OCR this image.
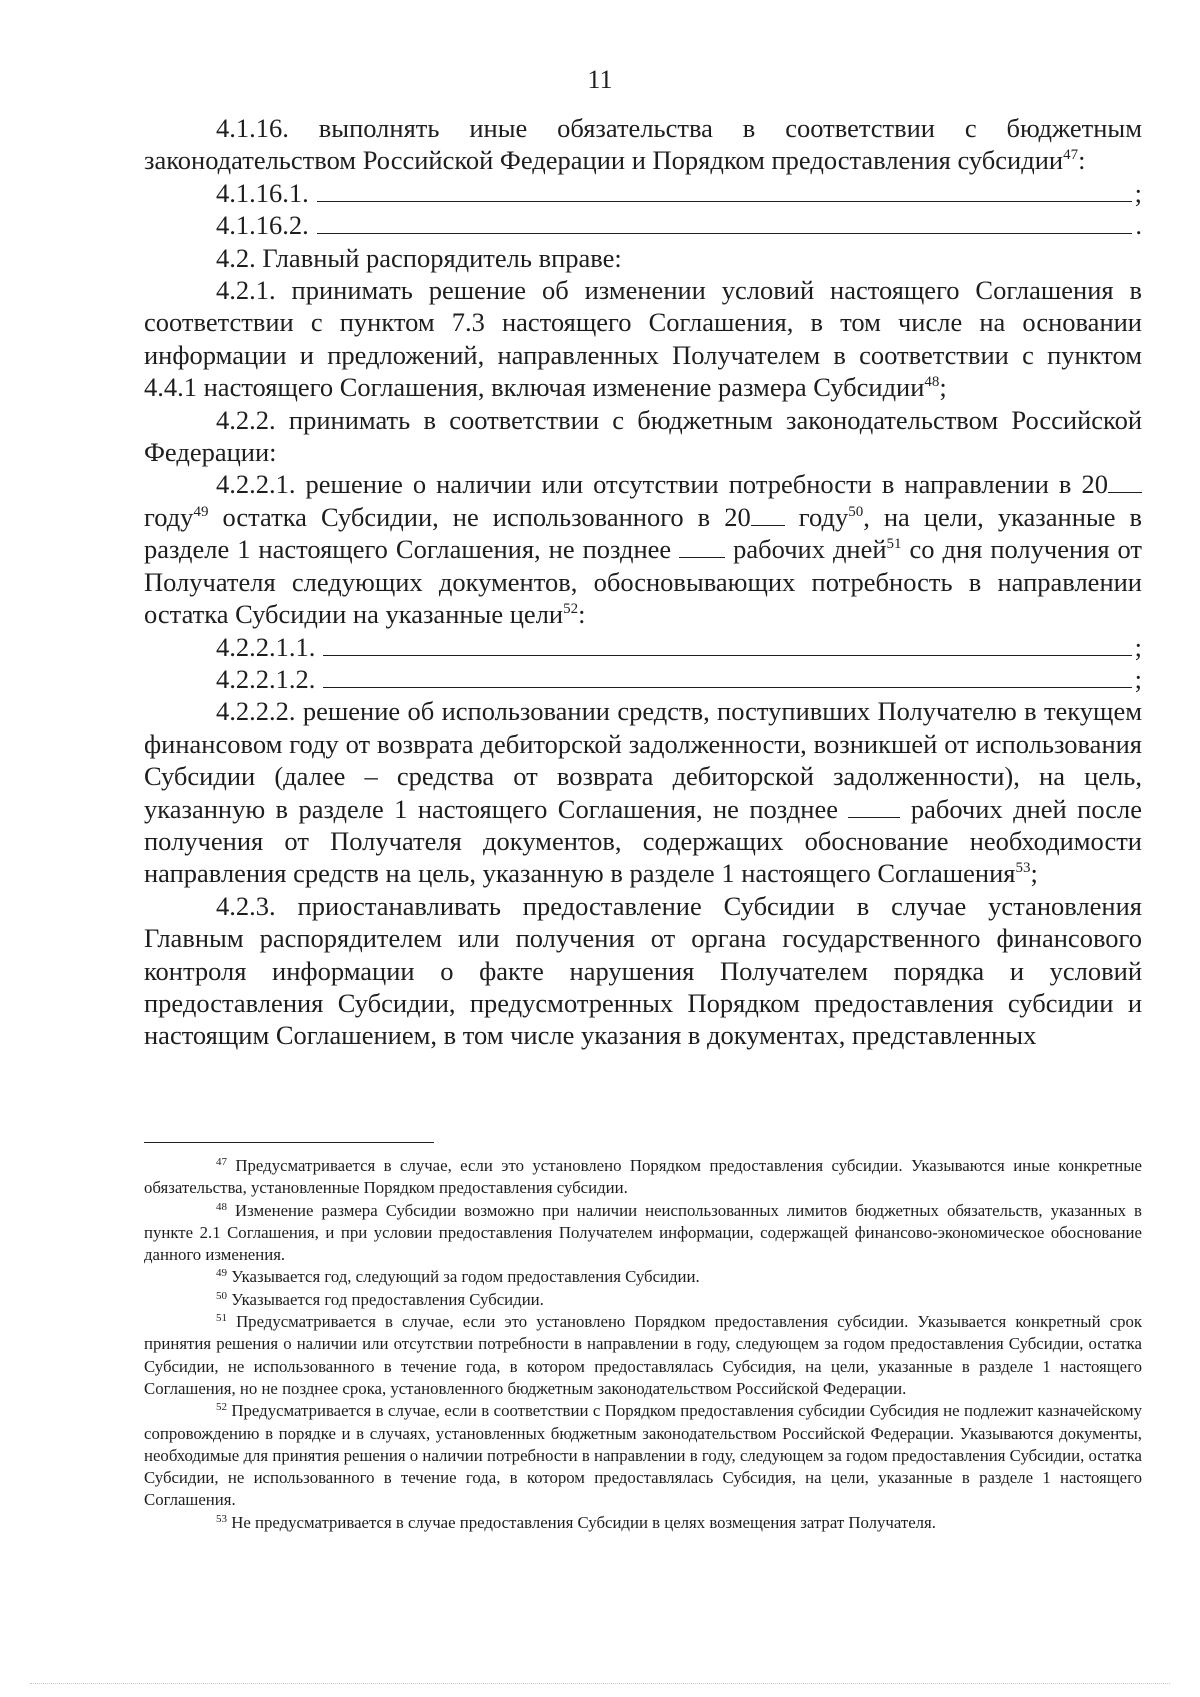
11

4.1.16. выполнять иные обязательства в соответствии с бюджетным законодательством Российской Федерации и Порядком предоставления субсидии$^{47}$:

4.1.16.1.	;
4.1.16.2.	.

4.2. Главный распорядитель вправе:

4.2.1. принимать решение об изменении условий настоящего Соглашения в соответствии с пунктом 7.3 настоящего Соглашения, в том числе на основании информации и предложений, направленных Получателем в соответствии с пунктом 4.4.1 настоящего Соглашения, включая изменение размера Субсидии$^{48}$;

4.2.2. принимать в соответствии с бюджетным законодательством Российской Федерации:

4.2.2.1. решение о наличии или отсутствии потребности в направлении в 20 году$^{49}$ остатка Субсидии, не использованного в 20 году$^{50}$, на цели, указанные в разделе 1 настоящего Соглашения, не позднее  рабочих дней$^{51}$ со дня получения от Получателя следующих документов, обосновывающих потребность в направлении остатка Субсидии на указанные цели$^{52}$:

4.2.2.1.1.	;
4.2.2.1.2.	;

4.2.2.2. решение об использовании средств, поступивших Получателю в текущем финансовом году от возврата дебиторской задолженности, возникшей от использования Субсидии (далее – средства от возврата дебиторской задолженности), на цель, указанную в разделе 1 настоящего Соглашения, не позднее  рабочих дней после получения от Получателя документов, содержащих обоснование необходимости направления средств на цель, указанную в разделе 1 настоящего Соглашения$^{53}$;

4.2.3. приостанавливать предоставление Субсидии в случае установления Главным распорядителем или получения от органа государственного финансового контроля информации о факте нарушения Получателем порядка и условий предоставления Субсидии, предусмотренных Порядком предоставления субсидии и настоящим Соглашением, в том числе указания в документах, представленных

$^{47}$ Предусматривается в случае, если это установлено Порядком предоставления субсидии. Указываются иные конкретные обязательства, установленные Порядком предоставления субсидии.

$^{48}$ Изменение размера Субсидии возможно при наличии неиспользованных лимитов бюджетных обязательств, указанных в пункте 2.1 Соглашения, и при условии предоставления Получателем информации, содержащей финансово-экономическое обоснование данного изменения.

$^{49}$ Указывается год, следующий за годом предоставления Субсидии.

$^{50}$ Указывается год предоставления Субсидии.

$^{51}$ Предусматривается в случае, если это установлено Порядком предоставления субсидии. Указывается конкретный срок принятия решения о наличии или отсутствии потребности в направлении в году, следующем за годом предоставления Субсидии, остатка Субсидии, не использованного в течение года, в котором предоставлялась Субсидия, на цели, указанные в разделе 1 настоящего Соглашения, но не позднее срока, установленного бюджетным законодательством Российской Федерации.

$^{52}$ Предусматривается в случае, если в соответствии с Порядком предоставления субсидии Субсидия не подлежит казначейскому сопровождению в порядке и в случаях, установленных бюджетным законодательством Российской Федерации. Указываются документы, необходимые для принятия решения о наличии потребности в направлении в году, следующем за годом предоставления Субсидии, остатка Субсидии, не использованного в течение года, в котором предоставлялась Субсидия, на цели, указанные в разделе 1 настоящего Соглашения.

$^{53}$ Не предусматривается в случае предоставления Субсидии в целях возмещения затрат Получателя.
